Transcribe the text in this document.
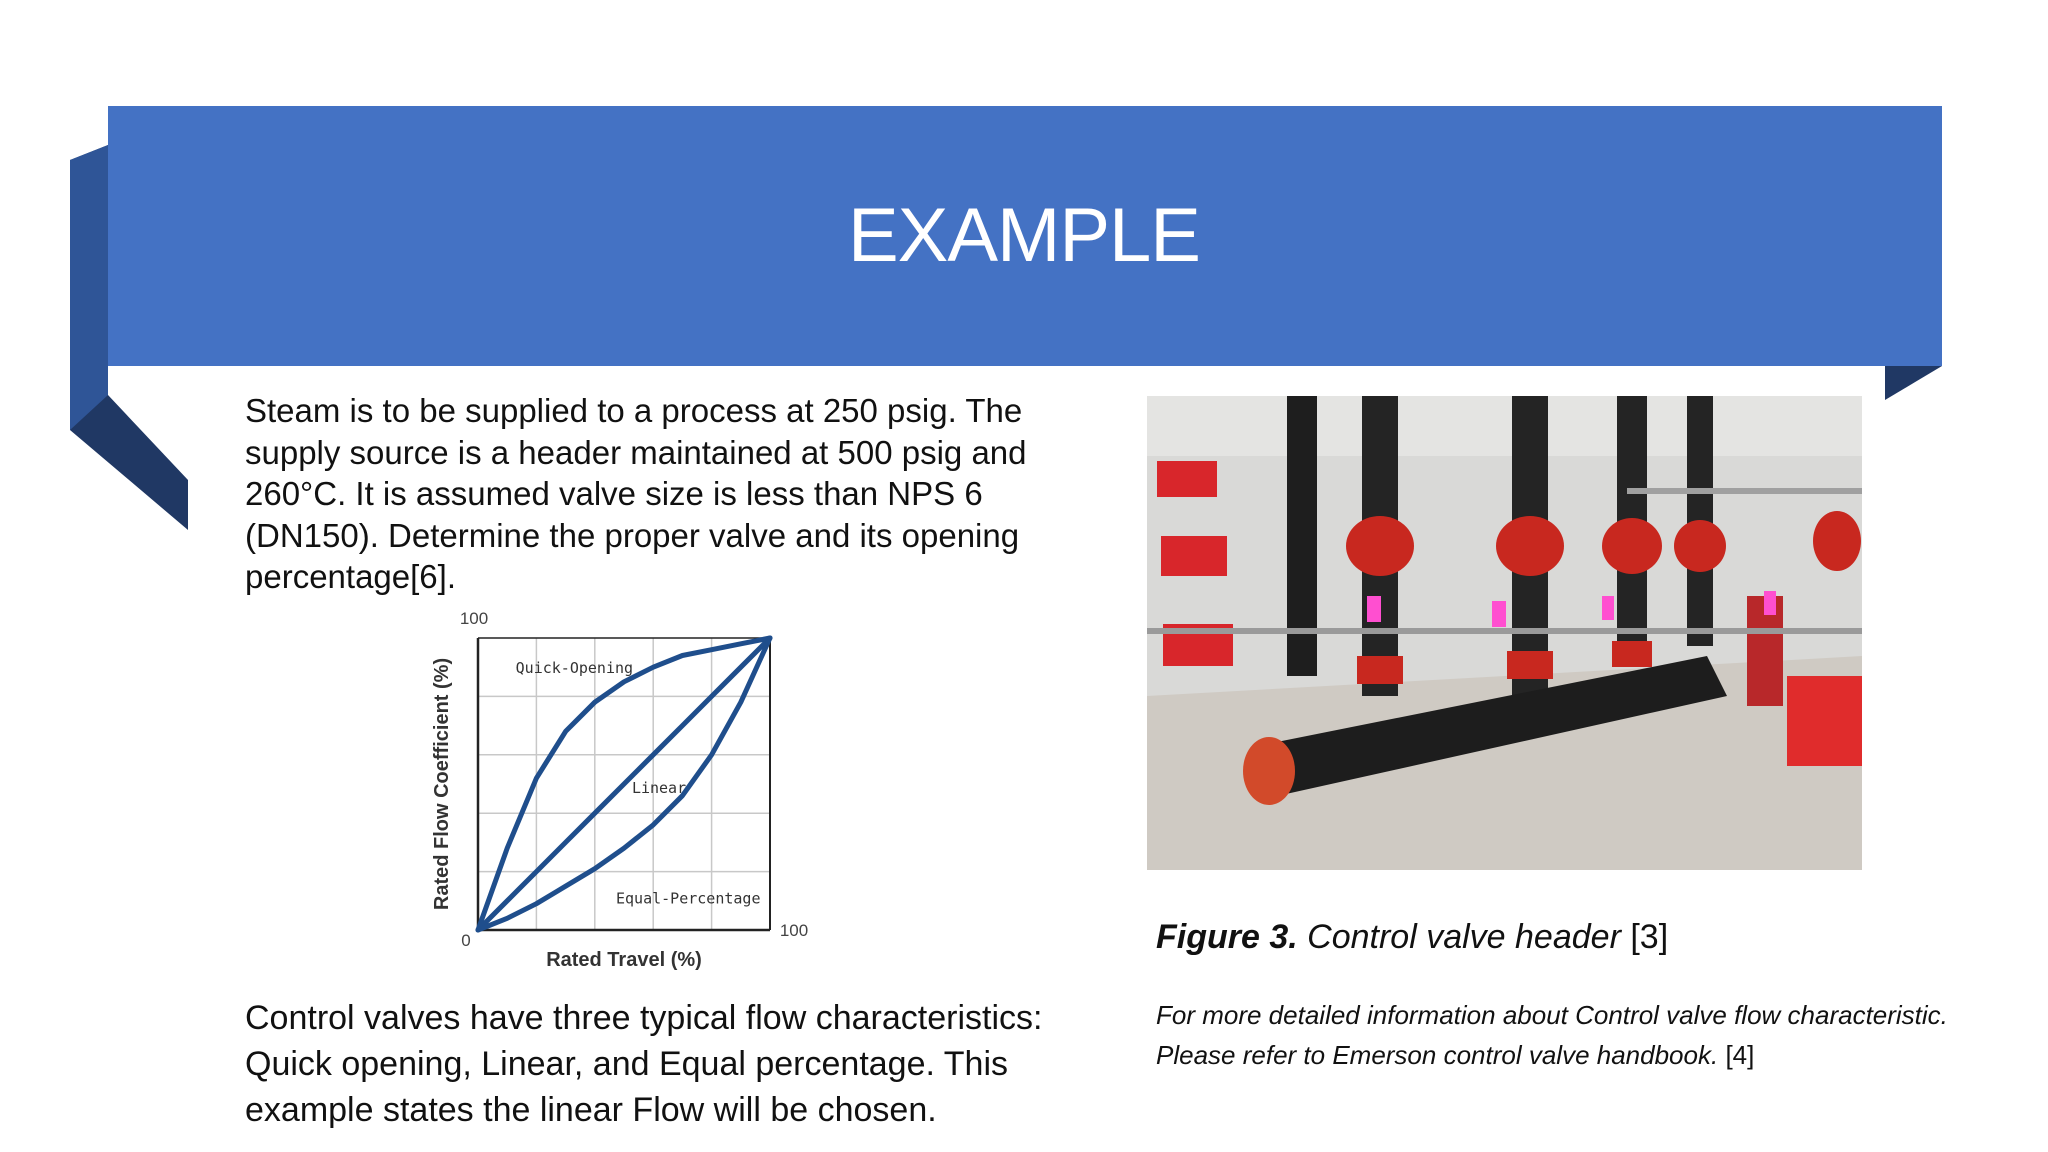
EXAMPLE
Steam is to be supplied to a process at 250 psig. The supply source is a header maintained at 500 psig and 260°C. It is assumed valve size is less than NPS 6 (DN150). Determine the proper valve and its opening percentage[6].
Quick-Opening
Linear
Equal-Percentage
0
100
100
Rated Travel (%)
Rated Flow Coefficient (%)
Figure 3. Control valve header [3]
For more detailed information about Control valve flow characteristic.
Please refer to Emerson control valve handbook. [4]
Control valves have three typical flow characteristics: Quick opening, Linear, and Equal percentage. This example states the linear Flow will be chosen.
